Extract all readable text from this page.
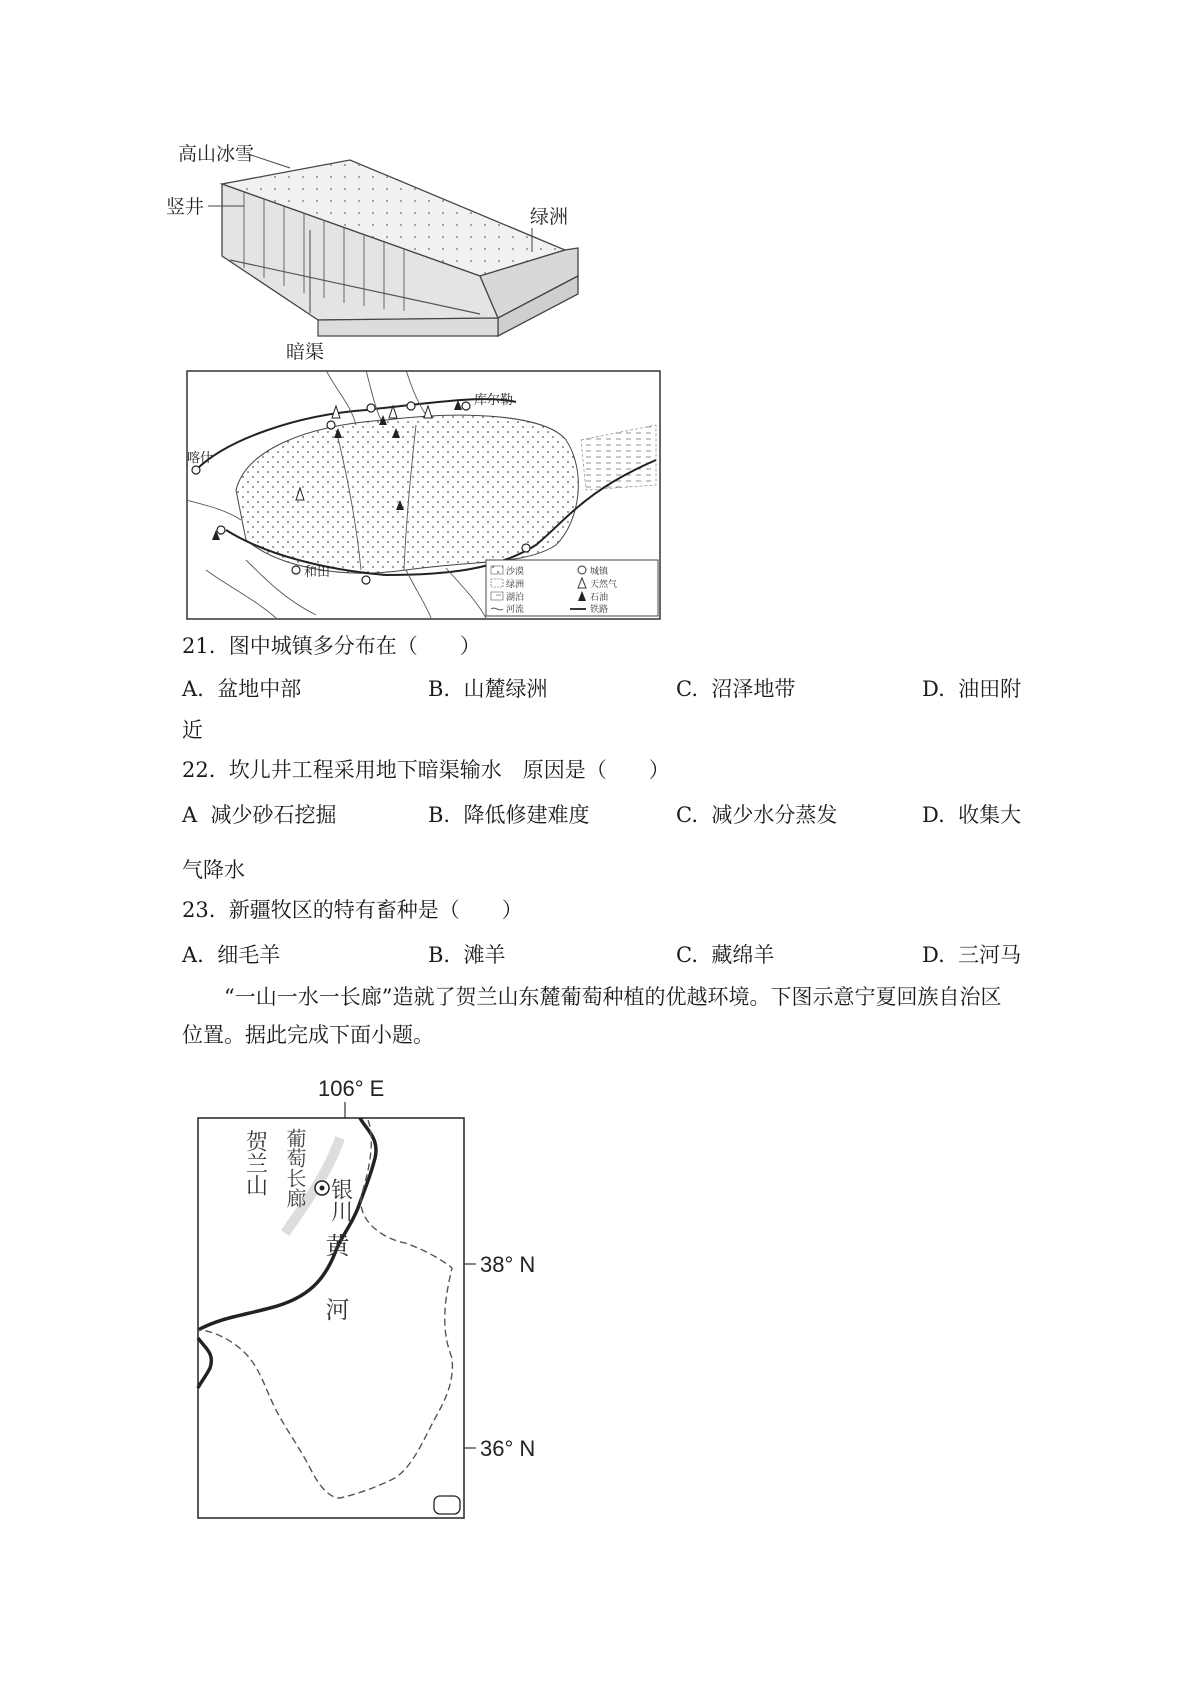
高山冰雪
竖井	绿洲
暗渠
喀什
库尔勒
和田	沙漠	城镇
绿洲	天然气
湖泊	石油
河流	铁路
21. 图中城镇多分布在（　　）
A. 盆地中部	B. 山麓绿洲	C. 沼泽地带	D. 油田附
近
22. 坎儿井工程采用地下暗渠输水　原因是（　　）
A 减少砂石挖掘	B. 降低修建难度	C. 减少水分蒸发	D. 收集大
气降水
23. 新疆牧区的特有畜种是（　　）
A. 细毛羊	B. 滩羊	C. 藏绵羊	D. 三河马
“一山一水一长廊”造就了贺兰山东麓葡萄种植的优越环境。下图示意宁夏回族自治区
位置。据此完成下面小题。
106° E
38° N
36° N
银川
贺兰山 葡萄长廊
黄河
